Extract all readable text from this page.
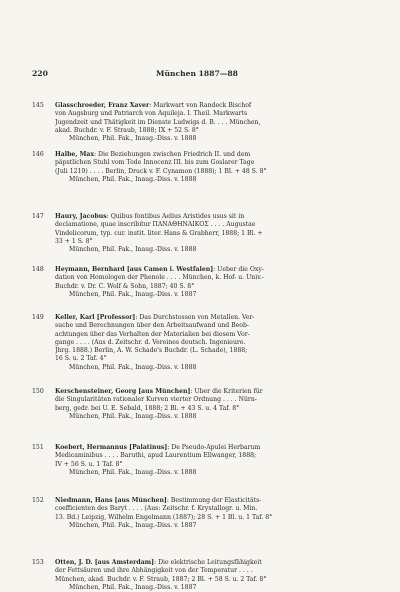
220	München 1887—88
145	Glasschroeder, Franz Xaver: Markwart von Randeck Bischof
von Augsburg und Patriarch von Aquileja. I. Theil. Markwarts
Jugendzeit und Thätigkeit im Dienste Ludwigs d. B. . . . München,
akad. Buchdr. v. F. Straub, 1888; IX + 52 S. 8°
München, Phil. Fak., Inaug.-Diss. v. 1888
146	Halbe, Max: Die Beziehungen zwischen Friedrich II. und dem
päpstlichen Stuhl vom Tode Innocenz III. bis zum Goslarer Tage
(Juli 1219) . . . . Berlin, Druck v. F. Cynamon (1888); 1 Bl. + 48 S. 8°
München, Phil. Fak., Inaug.-Diss. v. 1888
147	Haury, Jacobus: Quibus fontibus Aelius Aristides usus sit in
declamatione, quae inscribitur ΠΑΝΑΘΗΝΑΙΚΟΣ . . . . Augustae
Vindelicorum, typ. cur. instit. liter. Hans & Grabherr, 1888; 1 Bl. +
33 + 1 S. 8°
München, Phil. Fak., Inaug.-Diss. v. 1888
148	Heymann, Bernhard [aus Camen i. Westfalen]: Ueber die Oxy-
dation von Homologen der Phenole . . . . München, k. Hof- u. Univ.-
Buchdr. v. Dr. C. Wolf & Sohn, 1887; 40 S. 8°
München, Phil. Fak., Inaug.-Diss. v. 1887
149	Keller, Karl [Professor]: Das Durchstossen von Metallen. Ver-
suche und Berechnungen über den Arbeitsaufwand und Beob-
achtungen über das Verhalten der Materialien bei diesem Vor-
gange . . . . (Aus d. Zeitschr. d. Vereines deutsch. Ingenieure.
Jhrg. 1888.) Berlin, A. W. Schade's Buchdr. (L. Schade), 1888;
16 S. u. 2 Taf. 4°
München, Phil. Fak., Inaug.-Diss. v. 1888
150	Kerschensteiner, Georg [aus München]: Über die Kriterien für
die Singularitäten rationaler Kurven vierter Ordnung . . . . Nürn-
berg, gedr. bei U. E. Sebald, 1888; 2 Bl. + 43 S. u. 4 Taf. 8°
München, Phil. Fak., Inaug.-Diss. v. 1888
151	Koebert, Hermannus [Palatinus]: De Pseudo-Apulei Herbarum
Medicaminibus . . . . Baruthi, apud Laurentium Ellwanger, 1888;
IV + 56 S. u. 1 Taf. 8°
München, Phil. Fak., Inaug.-Diss. v. 1888
152	Niedmann, Hans [aus München]: Bestimmung der Elasticitäts-
coefficienten des Baryt . . . . (Aus: Zeitschr. f. Krystallogr. u. Min.
13. Bd.) Leipzig, Wilhelm Engelmann (1887); 28 S. + 1 Bl. u. 1 Taf. 8°
München, Phil. Fak., Inaug.-Diss. v. 1887
153	Otten, J. D. [aus Amsterdam]: Die elektrische Leitungsfähigkeit
der Fettsäuren und ihre Abhängigkeit von der Temperatur . . . .
München, akad. Buchdr. v. F. Straub, 1887; 2 Bl. + 58 S. u. 2 Taf. 8°
München, Phil. Fak., Inaug.-Diss. v. 1887
